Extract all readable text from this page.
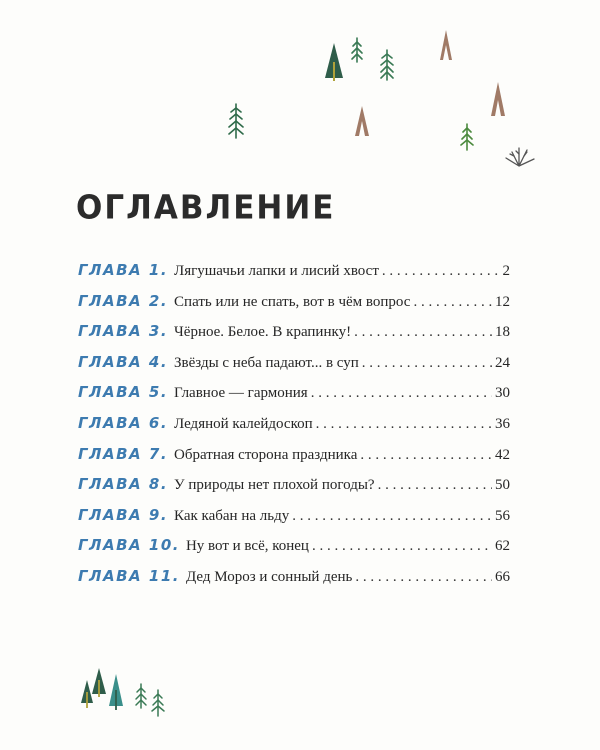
ОГЛАВЛЕНИЕ
ГЛАВА 1. Лягушачьи лапки и лисий хвост . . .	2
ГЛАВА 2. Спать или не спать, вот в чём вопрос . . .	12
ГЛАВА 3. Чёрное. Белое. В крапинку! . . .	18
ГЛАВА 4. Звёзды с неба падают... в суп . . .	24
ГЛАВА 5. Главное — гармония . . .	30
ГЛАВА 6. Ледяной калейдоскоп . . .	36
ГЛАВА 7. Обратная сторона праздника . . .	42
ГЛАВА 8. У природы нет плохой погоды? . . .	50
ГЛАВА 9. Как кабан на льду . . .	56
ГЛАВА 10. Ну вот и всё, конец . . .	62
ГЛАВА 11. Дед Мороз и сонный день . . .	66
